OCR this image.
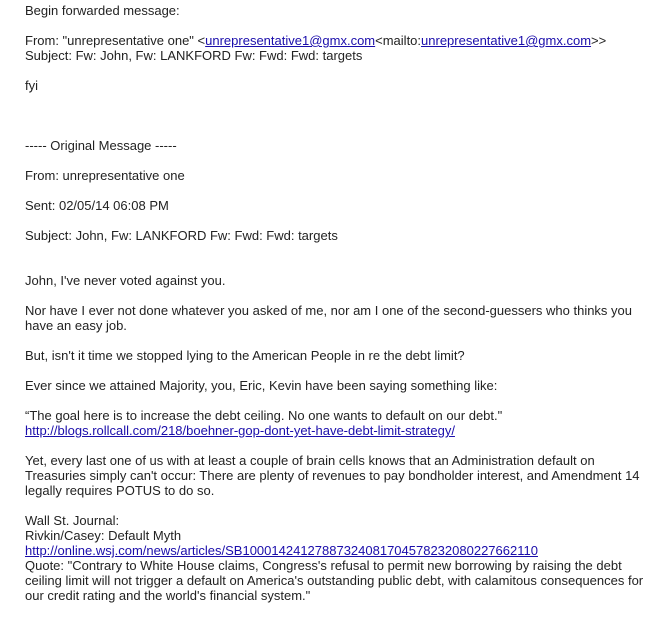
Begin forwarded message:
From: "unrepresentative one" <unrepresentative1@gmx.com<mailto:unrepresentative1@gmx.com>>
Subject: Fw: John, Fw: LANKFORD Fw: Fwd: Fwd: targets
fyi
----- Original Message -----
From: unrepresentative one
Sent: 02/05/14 06:08 PM
Subject: John, Fw: LANKFORD Fw: Fwd: Fwd: targets
John, I've never voted against you.
Nor have I ever not done whatever you asked of me, nor am I one of the second-guessers who thinks you have an easy job.
But, isn't it time we stopped lying to the American People in re the debt limit?
Ever since we attained Majority, you, Eric, Kevin have been saying something like:
“The goal here is to increase the debt ceiling. No one wants to default on our debt."
http://blogs.rollcall.com/218/boehner-gop-dont-yet-have-debt-limit-strategy/
Yet, every last one of us with at least a couple of brain cells knows that an Administration default on Treasuries simply can't occur: There are plenty of revenues to pay bondholder interest, and Amendment 14 legally requires POTUS to do so.
Wall St. Journal:
Rivkin/Casey: Default Myth
http://online.wsj.com/news/articles/SB10001424127887324081704578232080227662110
Quote: "Contrary to White House claims, Congress's refusal to permit new borrowing by raising the debt ceiling limit will not trigger a default on America's outstanding public debt, with calamitous consequences for our credit rating and the world's financial system."
